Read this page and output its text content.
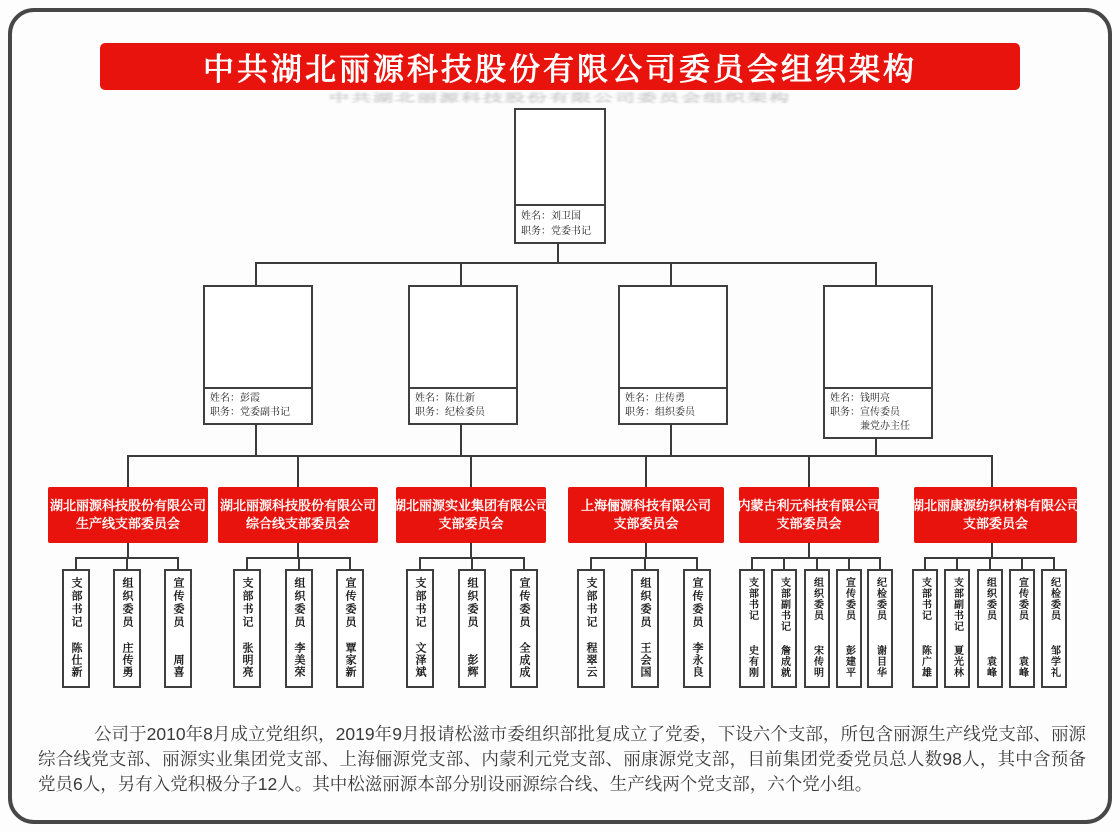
中共湖北丽源科技股份有限公司委员会组织架构
中共湖北丽源科技股份有限公司委员会组织架构
姓名：刘卫国
职务：党委书记
姓名：彭霞
职务：党委副书记
姓名：陈仕新
职务：纪检委员
姓名：庄传勇
职务：组织委员
姓名：钱明亮
职务：宣传委员
兼党办主任
湖北丽源科技股份有限公司
生产线支部委员会
湖北丽源科技股份有限公司
综合线支部委员会
湖北丽源实业集团有限公司
支部委员会
上海俪源科技有限公司
支部委员会
内蒙古利元科技有限公司
支部委员会
湖北丽康源纺织材料有限公司
支部委员会
支部书记
陈仕新
组织委员
庄传勇
宣传委员
周喜
支部书记
张明亮
组织委员
李美荣
宣传委员
覃家新
支部书记
文泽斌
组织委员
彭辉
宣传委员
全成成
支部书记
程翠云
组织委员
王会国
宣传委员
李永良
支部书记
史有刚
支部副书记
詹成就
组织委员
宋传明
宣传委员
彭建平
纪检委员
谢目华
支部书记
陈广雄
支部副书记
夏光林
组织委员
袁峰
宣传委员
袁峰
纪检委员
邹学礼

公司于2010年8月成立党组织，2019年9月报请松滋市委组织部批复成立了党委，下设六个支部，所包含丽源生产线党支部、丽源综合线党支部、丽源实业集团党支部、上海俪源党支部、内蒙利元党支部、丽康源党支部，目前集团党委党员总人数98人，其中含预备党员6人，另有入党积极分子12人。其中松滋丽源本部分别设丽源综合线、生产线两个党支部，六个党小组。
